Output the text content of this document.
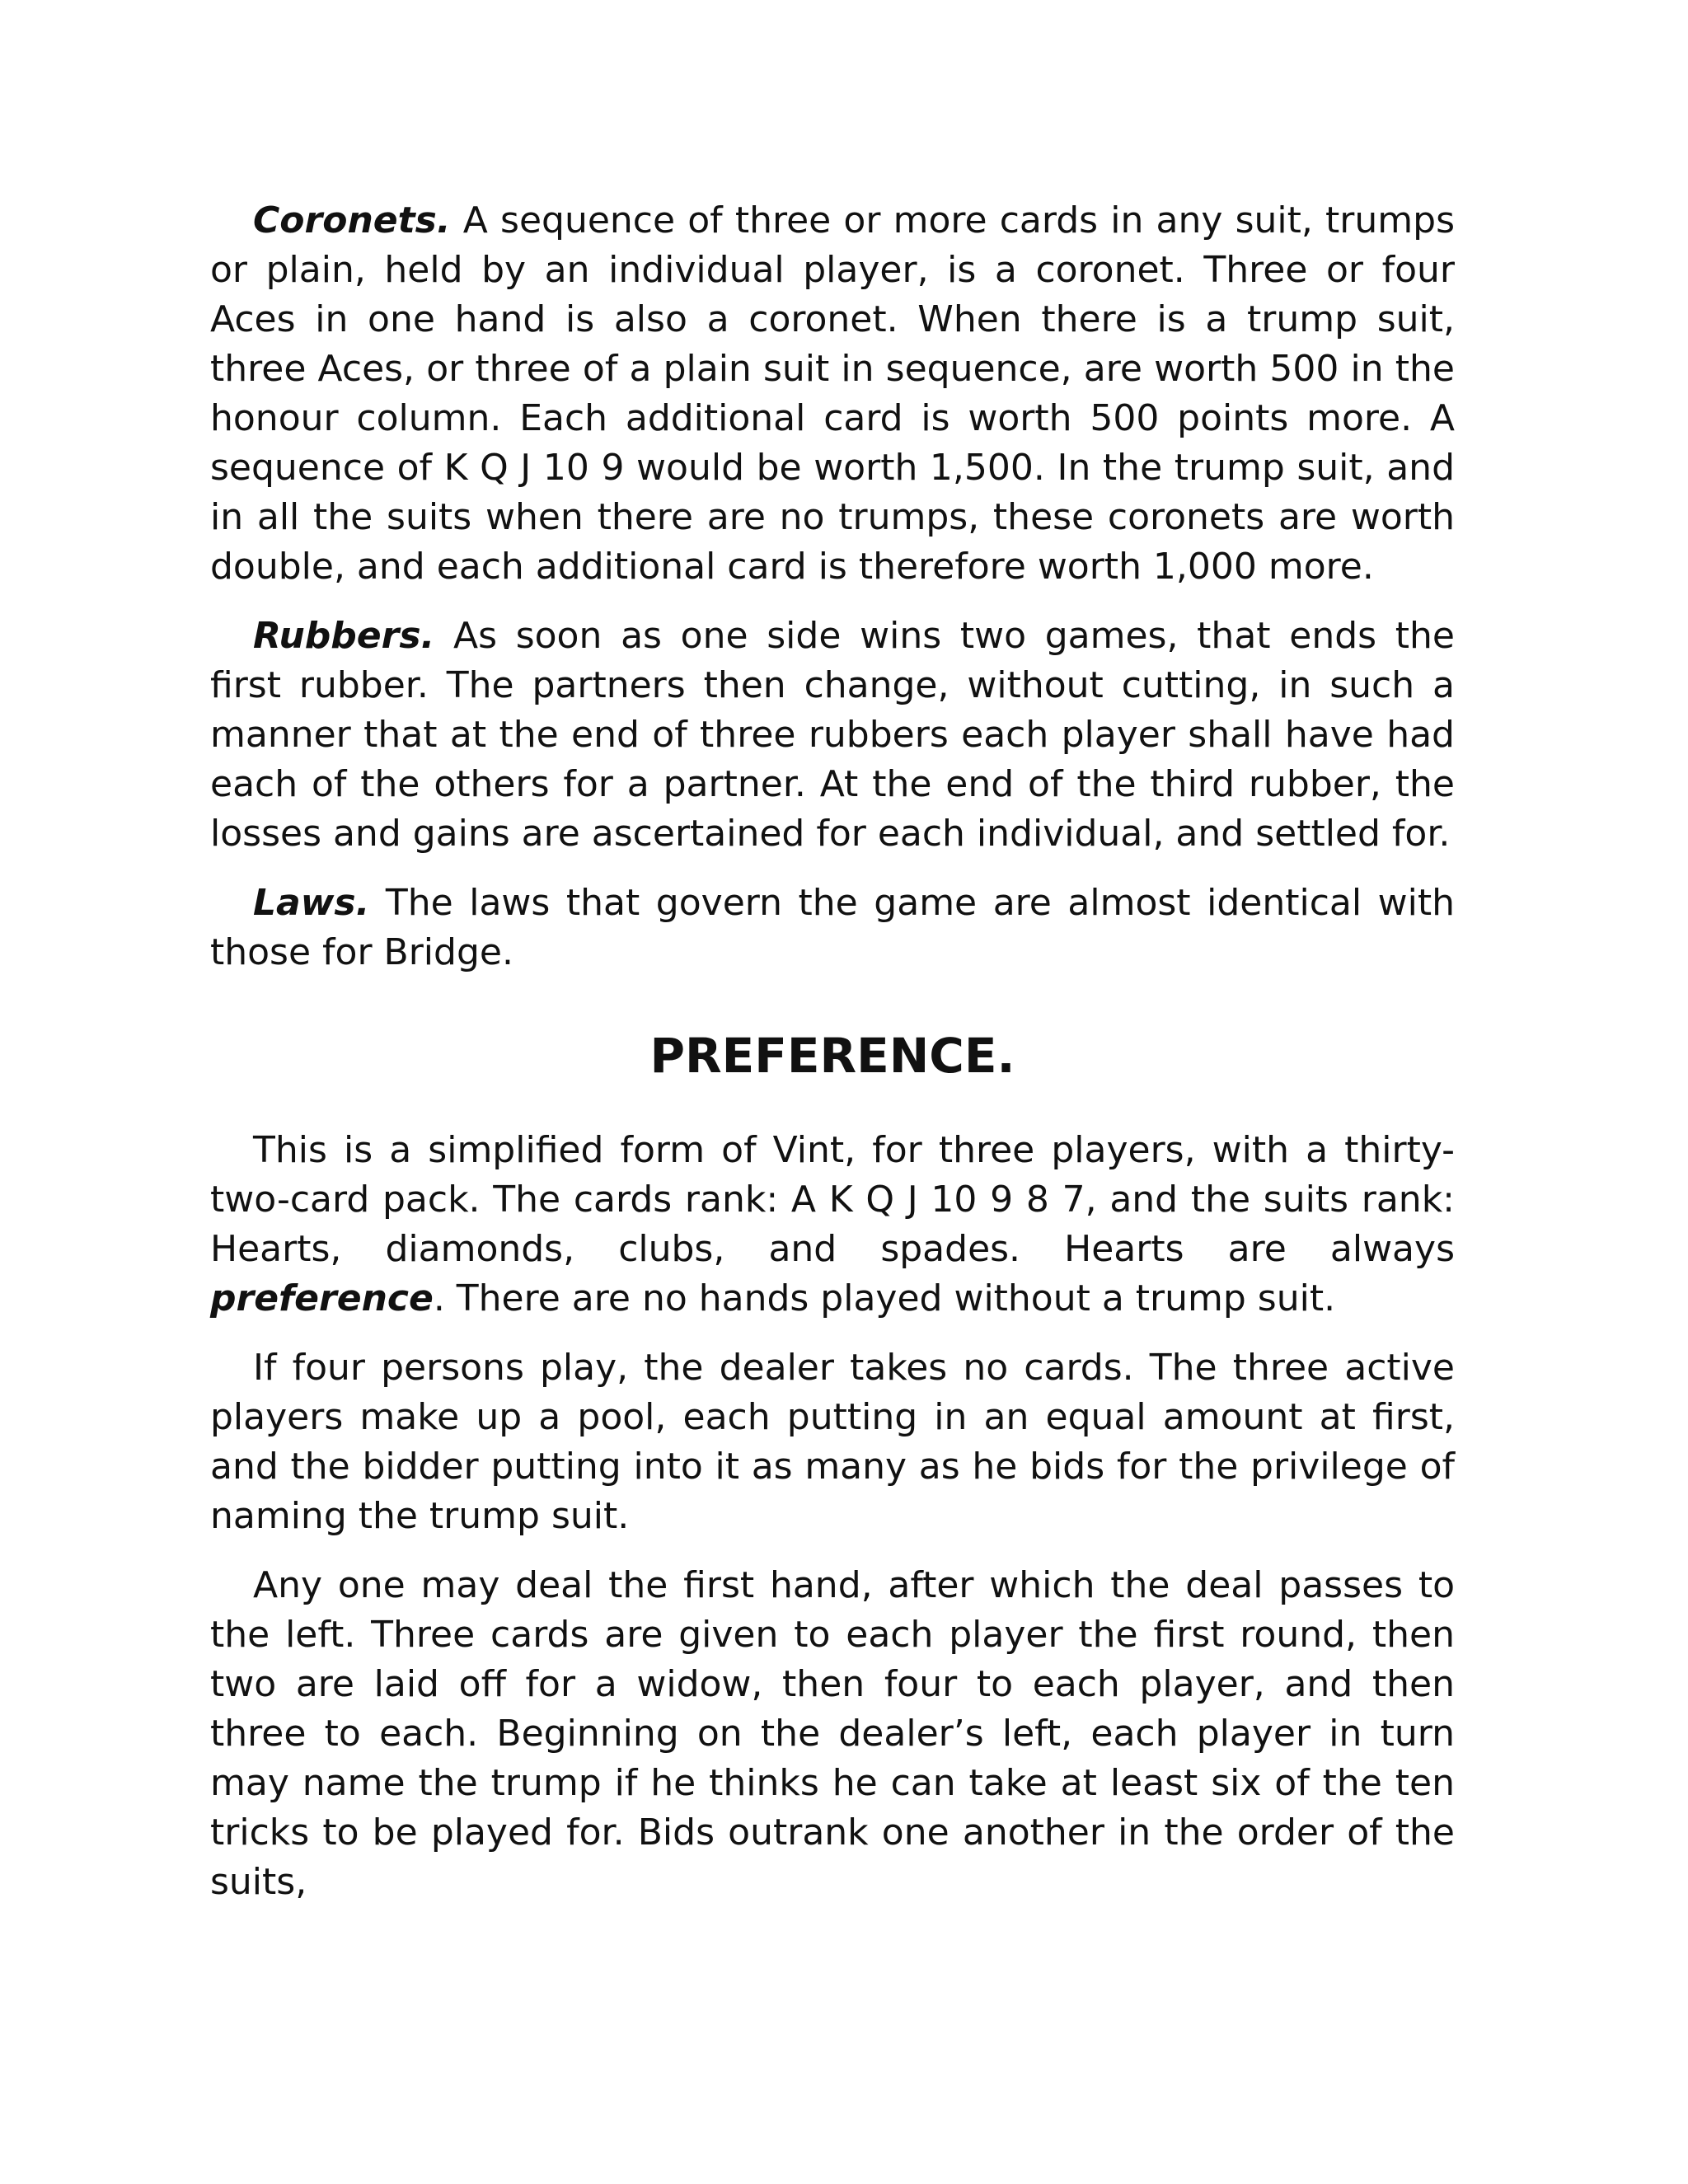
Coronets. A sequence of three or more cards in any suit, trumps or plain, held by an individual player, is a coronet. Three or four Aces in one hand is also a coronet. When there is a trump suit, three Aces, or three of a plain suit in sequence, are worth 500 in the honour column. Each additional card is worth 500 points more. A sequence of K Q J 10 9 would be worth 1,500. In the trump suit, and in all the suits when there are no trumps, these coronets are worth double, and each additional card is therefore worth 1,000 more.

Rubbers. As soon as one side wins two games, that ends the first rubber. The partners then change, without cutting, in such a manner that at the end of three rubbers each player shall have had each of the others for a partner. At the end of the third rubber, the losses and gains are ascertained for each individual, and settled for.

Laws. The laws that govern the game are almost identical with those for Bridge.

PREFERENCE.

This is a simplified form of Vint, for three players, with a thirty-two-card pack. The cards rank: A K Q J 10 9 8 7, and the suits rank: Hearts, diamonds, clubs, and spades. Hearts are always preference. There are no hands played without a trump suit.

If four persons play, the dealer takes no cards. The three active players make up a pool, each putting in an equal amount at first, and the bidder putting into it as many as he bids for the privilege of naming the trump suit.

Any one may deal the first hand, after which the deal passes to the left. Three cards are given to each player the first round, then two are laid off for a widow, then four to each player, and then three to each. Beginning on the dealer’s left, each player in turn may name the trump if he thinks he can take at least six of the ten tricks to be played for. Bids outrank one another in the order of the suits,
